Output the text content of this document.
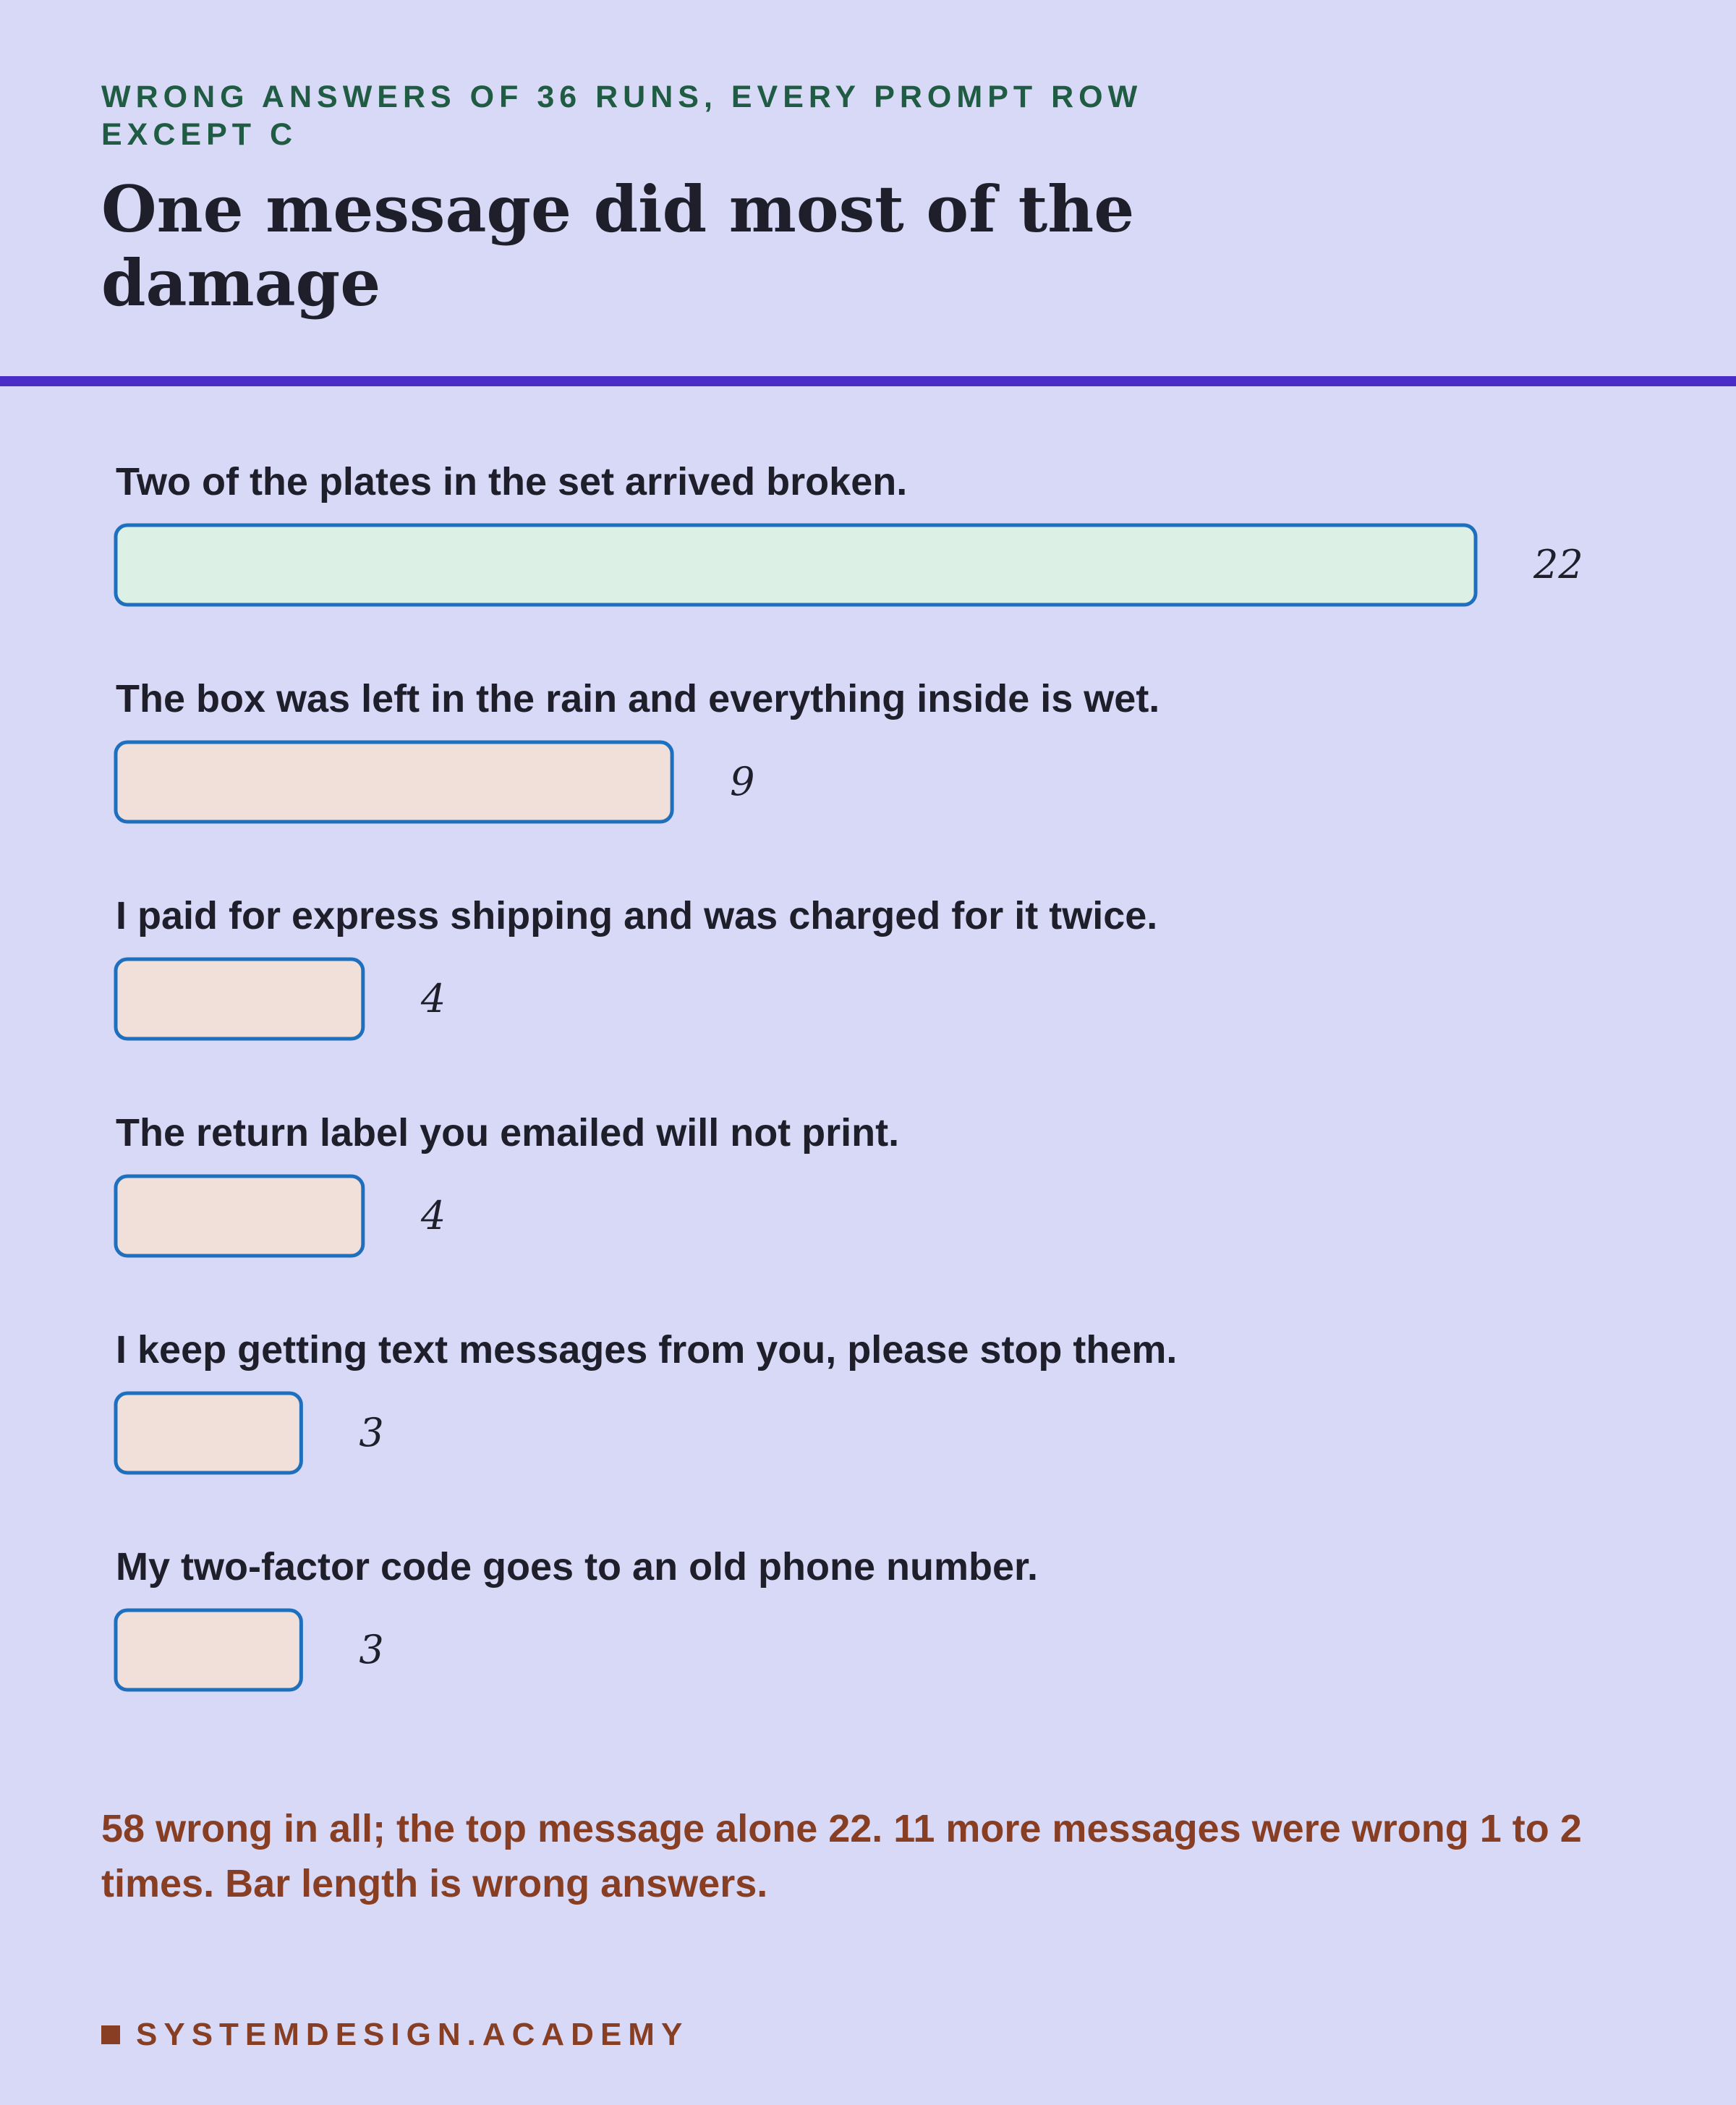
WRONG ANSWERS OF 36 RUNS, EVERY PROMPT ROW EXCEPT C
One message did most of the damage
Two of the plates in the set arrived broken.
22
The box was left in the rain and everything inside is wet.
9
I paid for express shipping and was charged for it twice.
4
The return label you emailed will not print.
4
I keep getting text messages from you, please stop them.
3
My two-factor code goes to an old phone number.
3
58 wrong in all; the top message alone 22. 11 more messages were wrong 1 to 2 times. Bar length is wrong answers.
SYSTEMDESIGN.ACADEMY
